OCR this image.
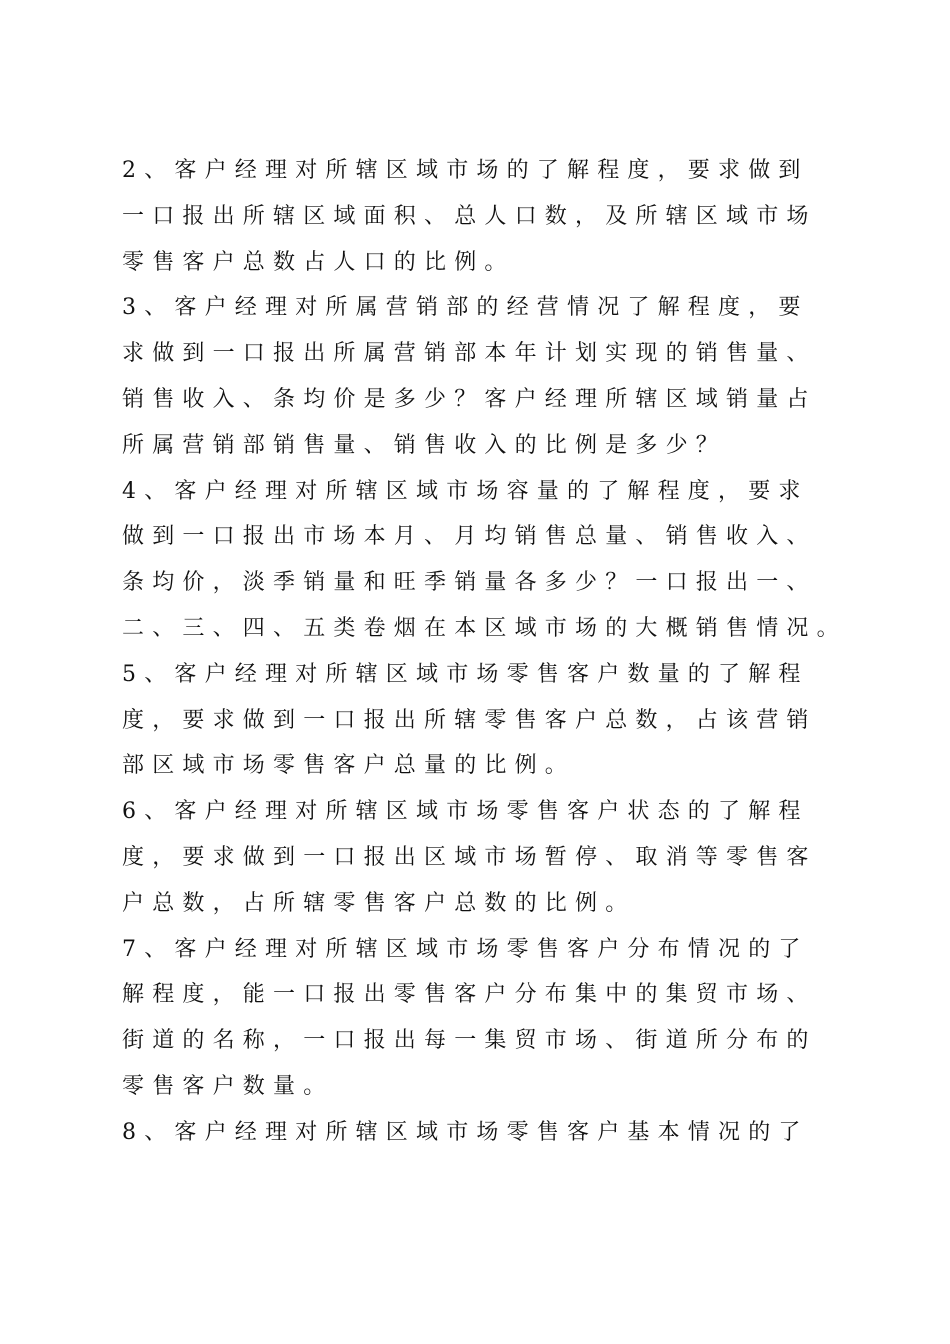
2、客户经理对所辖区域市场的了解程度，要求做到
一口报出所辖区域面积、总人口数，及所辖区域市场
零售客户总数占人口的比例。
3、客户经理对所属营销部的经营情况了解程度，要
求做到一口报出所属营销部本年计划实现的销售量、
销售收入、条均价是多少？客户经理所辖区域销量占
所属营销部销售量、销售收入的比例是多少？
4、客户经理对所辖区域市场容量的了解程度，要求
做到一口报出市场本月、月均销售总量、销售收入、
条均价，淡季销量和旺季销量各多少？一口报出一、
二、三、四、五类卷烟在本区域市场的大概销售情况。
5、客户经理对所辖区域市场零售客户数量的了解程
度，要求做到一口报出所辖零售客户总数，占该营销
部区域市场零售客户总量的比例。
6、客户经理对所辖区域市场零售客户状态的了解程
度，要求做到一口报出区域市场暂停、取消等零售客
户总数，占所辖零售客户总数的比例。
7、客户经理对所辖区域市场零售客户分布情况的了
解程度，能一口报出零售客户分布集中的集贸市场、
街道的名称，一口报出每一集贸市场、街道所分布的
零售客户数量。
8、客户经理对所辖区域市场零售客户基本情况的了
